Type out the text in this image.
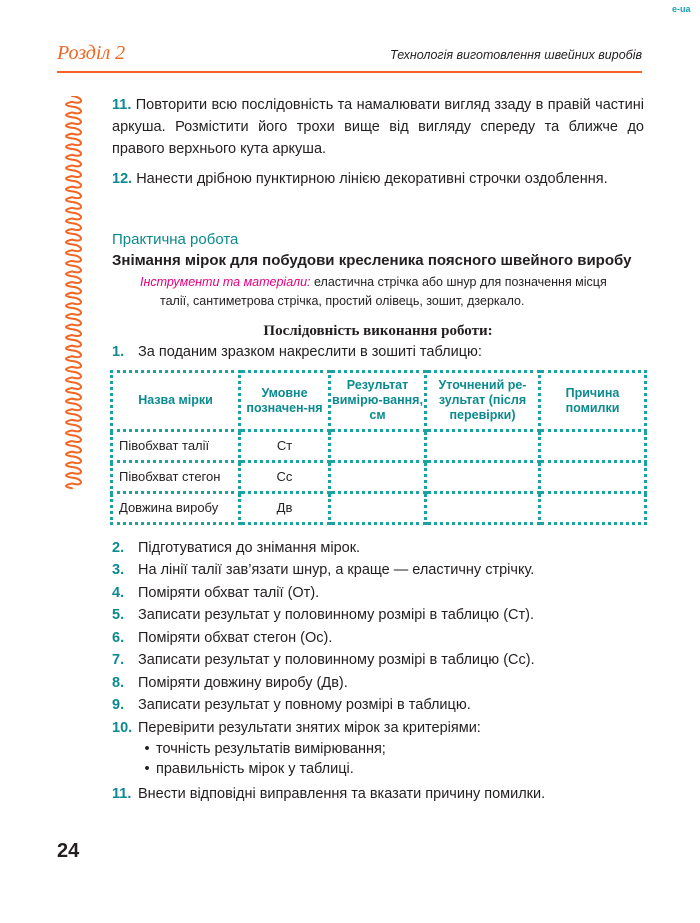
e-ua
Розділ 2	Технологія виготовлення швейних виробів

11. Повторити всю послідовність та намалювати вигляд ззаду в правій частині аркуша. Розмістити його трохи вище від вигляду спереду та ближче до правого верхнього кута аркуша.

12. Нанести дрібною пунктирною лінією декоративні строчки оздоблення.

Практична робота
Знімання мірок для побудови кресленика поясного швейного виробу
Інструменти та матеріали: еластична стрічка або шнур для позначення місця
талії, сантиметрова стрічка, простий олівець, зошит, дзеркало.
Послідовність виконання роботи:
1. За поданим зразком накреслити в зошиті таблицю:
Назва мірки	Умовне позначен-ня	Результат вимірю-вання, см	Уточнений ре-зультат (після перевірки)	Причина помилки
Півобхват талії	Ст			
Півобхват стегон	Сс			
Довжина виробу	Дв			
2. Підготуватися до знімання мірок.
3. На лінії талії зав’язати шнур, а краще — еластичну стрічку.
4. Поміряти обхват талії (От).
5. Записати результат у половинному розмірі в таблицю (Ст).
6. Поміряти обхват стегон (Ос).
7. Записати результат у половинному розмірі в таблицю (Сс).
8. Поміряти довжину виробу (Дв).
9. Записати результат у повному розмірі в таблицю.
10. Перевірити результати знятих мірок за критеріями:
• точність результатів вимірювання;
• правильність мірок у таблиці.
11. Внести відповідні виправлення та вказати причину помилки.
24
